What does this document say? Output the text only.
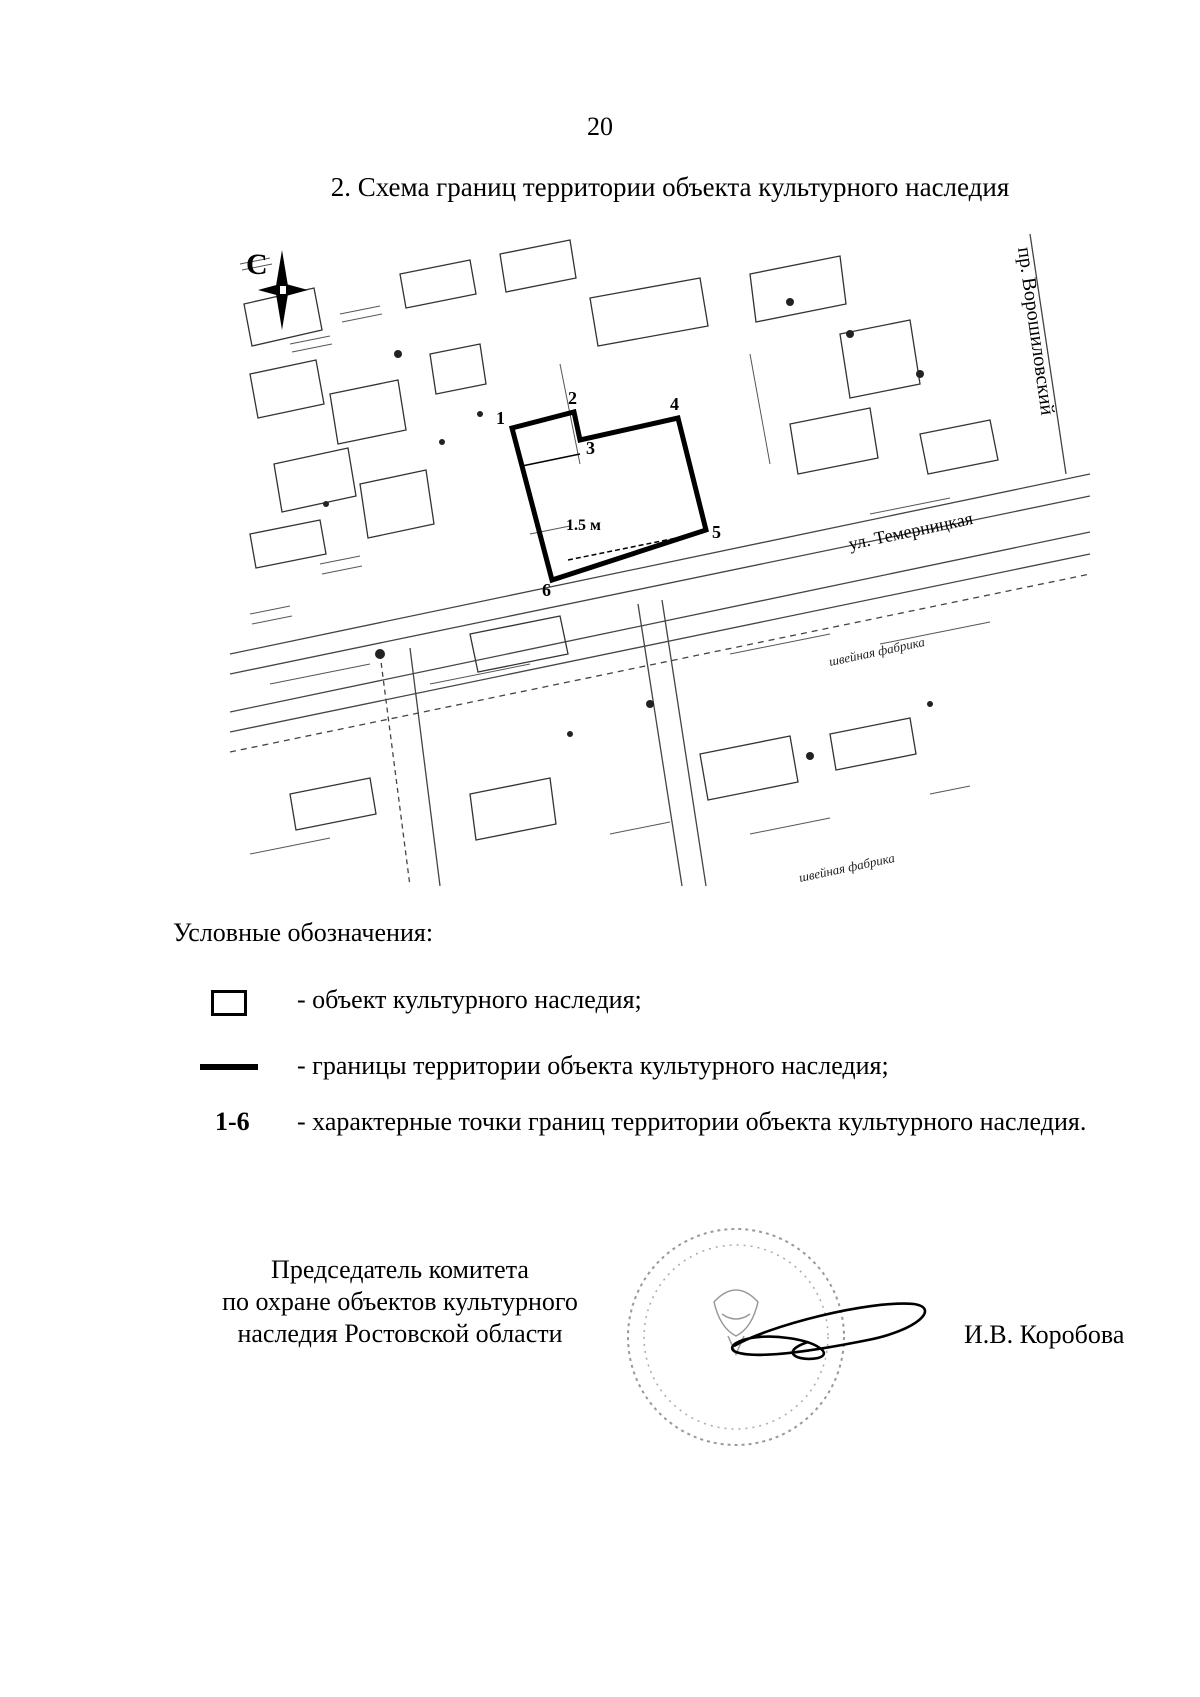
20
2. Схема границ территории объекта культурного наследия
С
1
2
3
4
5
6
1.5 м
пр. Ворошиловский
ул. Темерницкая
швейная фабрика
швейная фабрика
Условные обозначения:
- объект культурного наследия;
- границы территории объекта культурного наследия;
1-6	- характерные точки границ территории объекта культурного наследия.
Председатель комитета
по охране объектов культурного
наследия Ростовской области	И.В. Коробова
